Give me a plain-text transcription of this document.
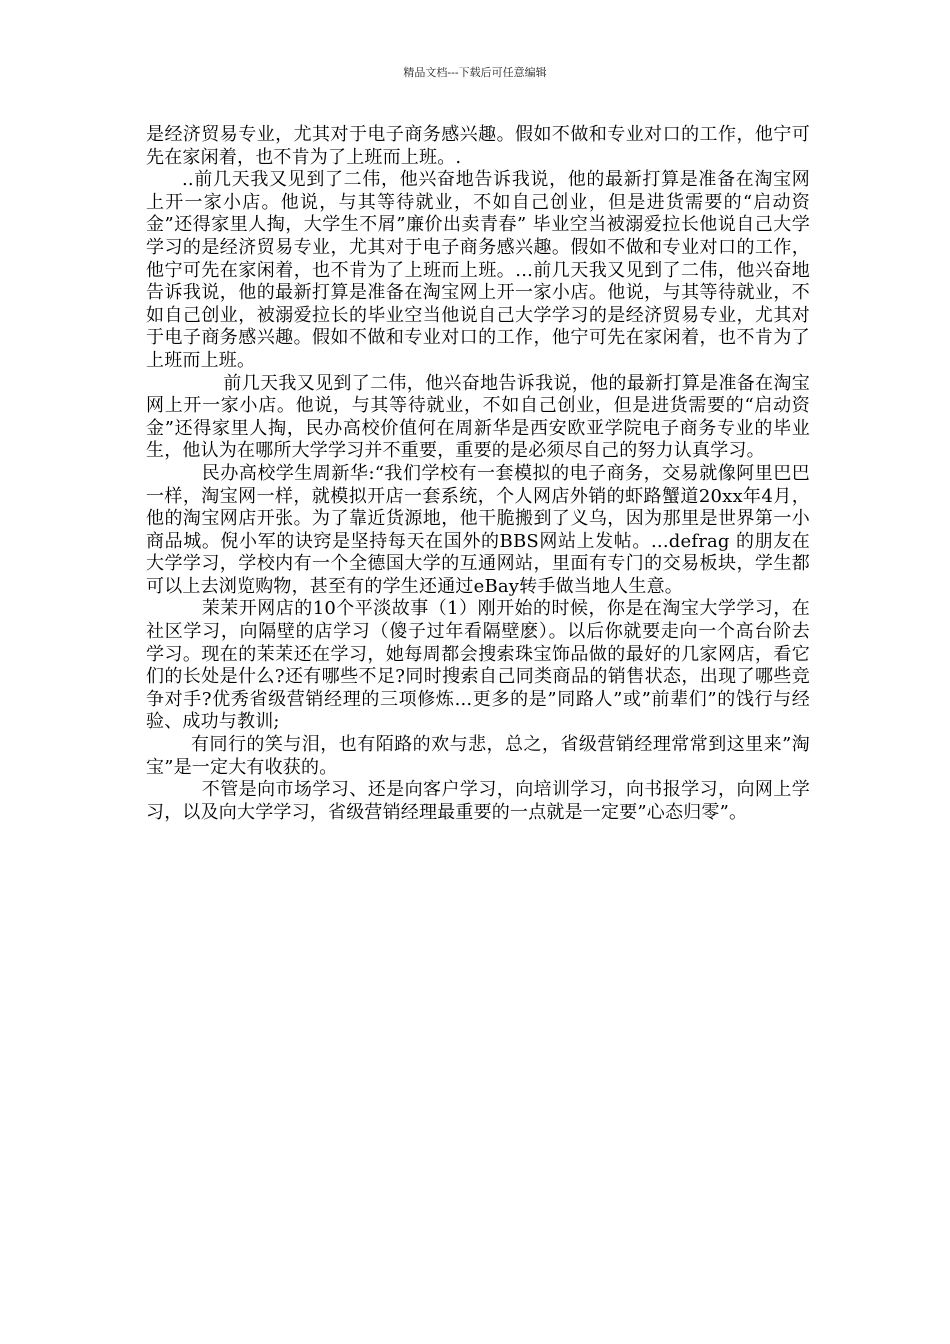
精品文档---下载后可任意编辑

是经济贸易专业，尤其对于电子商务感兴趣。假如不做和专业对口的工作，他宁可先在家闲着，也不肯为了上班而上班。.

..前几天我又见到了二伟，他兴奋地告诉我说，他的最新打算是准备在淘宝网上开一家小店。他说，与其等待就业，不如自己创业，但是进货需要的“启动资金”还得家里人掏，大学生不屑”廉价出卖青春” 毕业空当被溺爱拉长他说自己大学学习的是经济贸易专业，尤其对于电子商务感兴趣。假如不做和专业对口的工作，他宁可先在家闲着，也不肯为了上班而上班。...前几天我又见到了二伟，他兴奋地告诉我说，他的最新打算是准备在淘宝网上开一家小店。他说，与其等待就业，不如自己创业，被溺爱拉长的毕业空当他说自己大学学习的是经济贸易专业，尤其对于电子商务感兴趣。假如不做和专业对口的工作，他宁可先在家闲着，也不肯为了上班而上班。

前几天我又见到了二伟，他兴奋地告诉我说，他的最新打算是准备在淘宝网上开一家小店。他说，与其等待就业，不如自己创业，但是进货需要的“启动资金”还得家里人掏，民办高校价值何在周新华是西安欧亚学院电子商务专业的毕业生，他认为在哪所大学学习并不重要，重要的是必须尽自己的努力认真学习。

民办高校学生周新华:“我们学校有一套模拟的电子商务，交易就像阿里巴巴一样，淘宝网一样，就模拟开店一套系统，个人网店外销的虾路蟹道20xx年4月，他的淘宝网店开张。为了靠近货源地，他干脆搬到了义乌，因为那里是世界第一小商品城。倪小军的诀窍是坚持每天在国外的BBS网站上发帖。...defrag 的朋友在大学学习，学校内有一个全德国大学的互通网站，里面有专门的交易板块，学生都可以上去浏览购物，甚至有的学生还通过eBay转手做当地人生意。

茉茉开网店的10个平淡故事（1）刚开始的时候，你是在淘宝大学学习，在社区学习，向隔壁的店学习（傻子过年看隔壁麽）。以后你就要走向一个高台阶去学习。现在的茉茉还在学习，她每周都会搜索珠宝饰品做的最好的几家网店，看它们的长处是什么?还有哪些不足?同时搜索自己同类商品的销售状态，出现了哪些竞争对手?优秀省级营销经理的三项修炼...更多的是”同路人”或”前辈们”的饯行与经验、成功与教训;

有同行的笑与泪，也有陌路的欢与悲，总之，省级营销经理常常到这里来”淘宝”是一定大有收获的。

不管是向市场学习、还是向客户学习，向培训学习，向书报学习，向网上学习，以及向大学学习，省级营销经理最重要的一点就是一定要”心态归零”。
